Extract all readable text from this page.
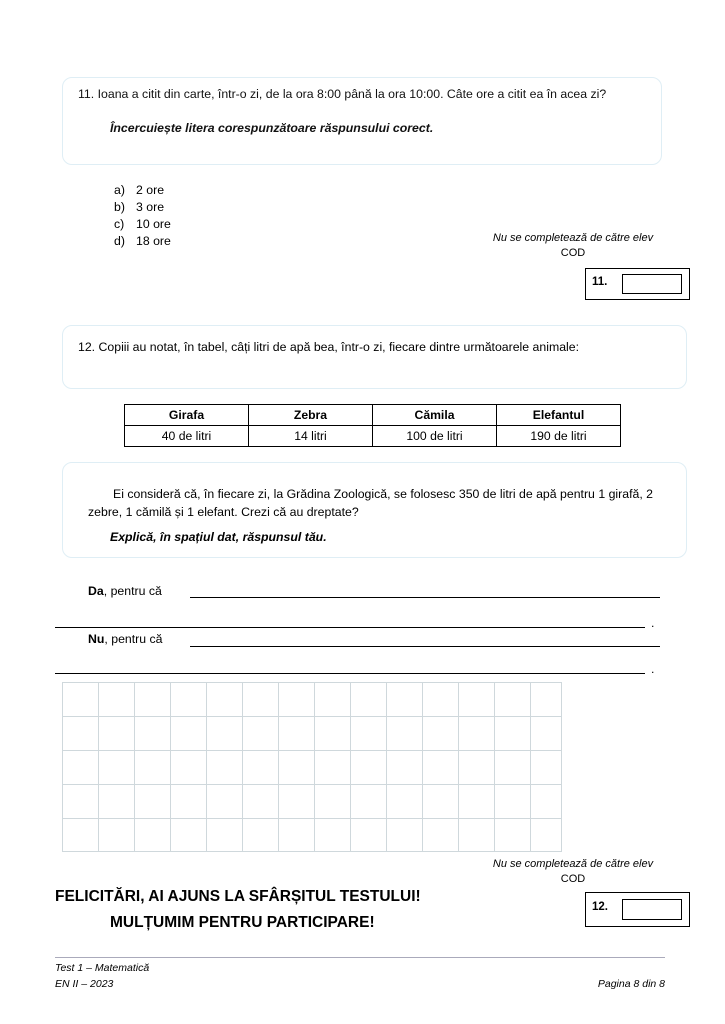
11. Ioana a citit din carte, într-o zi, de la ora 8:00 până la ora 10:00. Câte ore a citit ea în acea zi?
Încercuiește litera corespunzătoare răspunsului corect.
a) 2 ore
b) 3 ore
c) 10 ore
d) 18 ore	Nu se completează de către elev
COD
11.
12. Copiii au notat, în tabel, câți litri de apă bea, într-o zi, fiecare dintre următoarele animale:
Girafa	Zebra	Cămila	Elefantul
40 de litri	14 litri	100 de litri	190 de litri
Ei consideră că, în fiecare zi, la Grădina Zoologică, se folosesc 350 de litri de apă pentru 1 girafă, 2 zebre, 1 cămilă și 1 elefant. Crezi că au dreptate?
Explică, în spațiul dat, răspunsul tău.
Da, pentru că
.
Nu, pentru că
.
Nu se completează de către elev
COD
12.
FELICITĂRI, AI AJUNS LA SFÂRȘITUL TESTULUI!
MULȚUMIM PENTRU PARTICIPARE!
Test 1 – Matematică
EN II – 2023	Pagina 8 din 8
